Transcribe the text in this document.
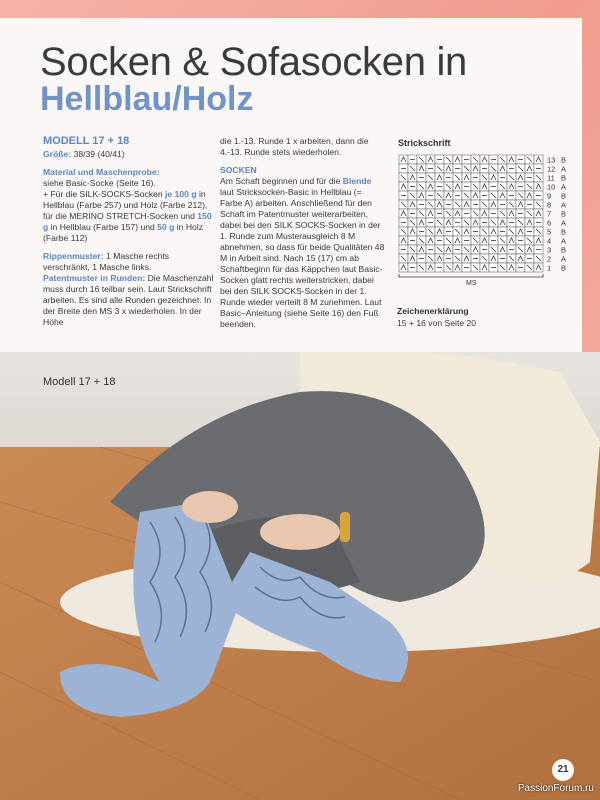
Socken & Sofasocken in
Hellblau/Holz
MODELL 17 + 18

Größe: 38/39 (40/41)

Material und Maschenprobe:
siehe Basic-Socke (Seite 16).
+ Für die SILK-SOCKS-Socken je 100 g in Hellblau (Farbe 257) und Holz (Farbe 212), für die MERINO STRETCH-Socken und 150 g in Hellblau (Farbe 157) und 50 g in Holz (Farbe 112)

Rippenmuster: 1 Masche rechts verschränkt, 1 Masche links.
Patentmuster in Runden: Die Maschenzahl muss durch 16 teilbar sein. Laut Strickschrift arbeiten. Es sind alle Runden gezeichnet. In der Breite den MS 3 x wiederholen. In der Höhe

die 1.-13. Runde 1 x arbeiten, dann die 4.-13. Runde stets wiederholen.

SOCKEN

Am Schaft beginnen und für die Blende laut Stricksocken-Basic in Hellblau (= Farbe A) arbeiten. Anschließend für den Schaft im Patentmuster weiterarbeiten, dabei bei den SILK SOCKS-Socken in der 1. Runde zum Musterausgleich 8 M abnehmen, so dass für beide Qualitäten 48 M in Arbeit sind. Nach 15 (17) cm ab Schaftbeginn für das Käppchen laut Basic-Socken glatt rechts weiterstricken, dabei bei den SILK SOCKS-Socken in der 1. Runde wieder verteilt 8 M zunehmen. Laut Basic–Anleitung (siehe Seite 16) den Fuß beenden.

Strickschrift
13 B
12 A
11 B
10 A
9 B
8 A
7 B
6 A
5 B
4 A
3 B
2 A
1 B
MS
Zeichenerklärung
15 + 16 von Seite 20
Modell 17 + 18
21
PassionForum.ru
